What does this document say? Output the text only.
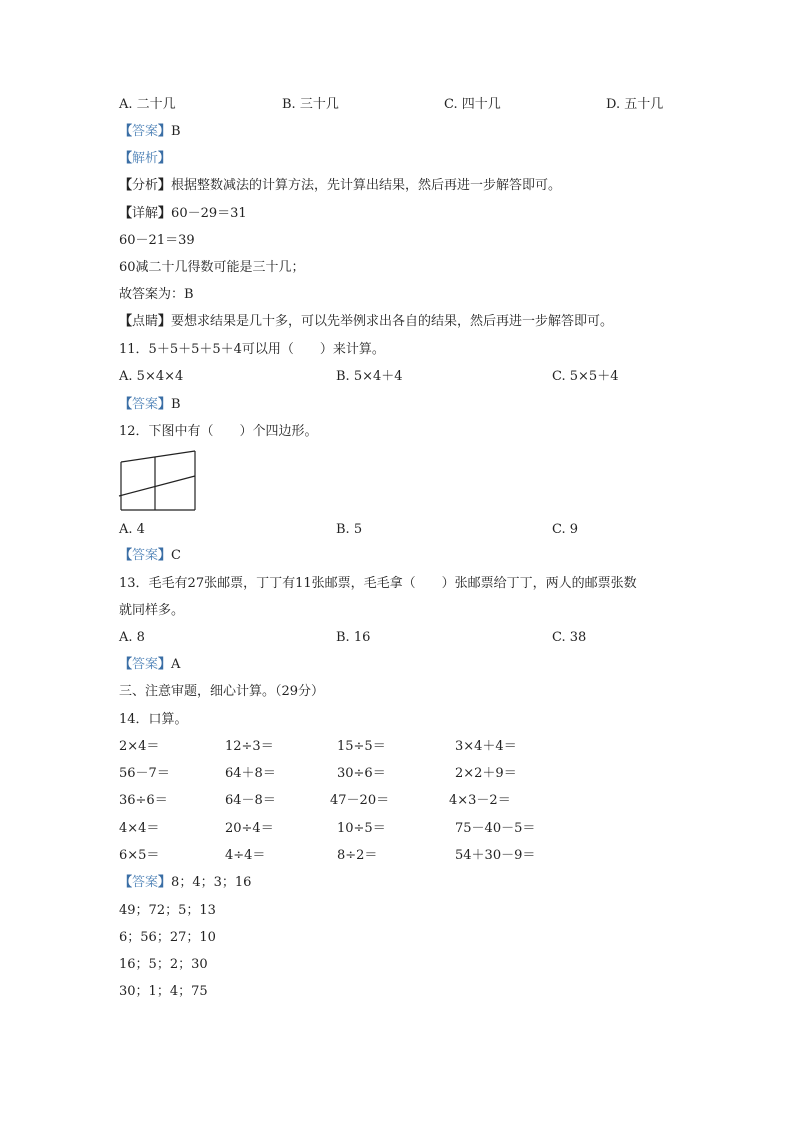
A. 二十几	B. 三十几	C. 四十几	D. 五十几
【答案】B
【解析】
【分析】根据整数减法的计算方法，先计算出结果，然后再进一步解答即可。
【详解】60－29＝31
60－21＝39
60减二十几得数可能是三十几；
故答案为：B
【点睛】要想求结果是几十多，可以先举例求出各自的结果，然后再进一步解答即可。
11．5＋5＋5＋5＋4可以用（　　）来计算。
A. 5×4×4	B. 5×4＋4	C. 5×5＋4
【答案】B
12．下图中有（　　）个四边形。
A. 4	B. 5	C. 9
【答案】C
13．毛毛有27张邮票，丁丁有11张邮票，毛毛拿（　　）张邮票给丁丁，两人的邮票张数
就同样多。
A. 8	B. 16	C. 38
【答案】A
三、注意审题，细心计算。（29分）
14．口算。
2×4＝	12÷3＝	15÷5＝	3×4＋4＝
56－7＝	64＋8＝	30÷6＝	2×2＋9＝
36÷6＝	64－8＝	47－20＝	4×3－2＝
4×4＝	20÷4＝	10÷5＝	75－40－5＝
6×5＝	4÷4＝	8÷2＝	54＋30－9＝
【答案】8；4；3；16
49；72；5；13
6；56；27；10
16；5；2；30
30；1；4；75
